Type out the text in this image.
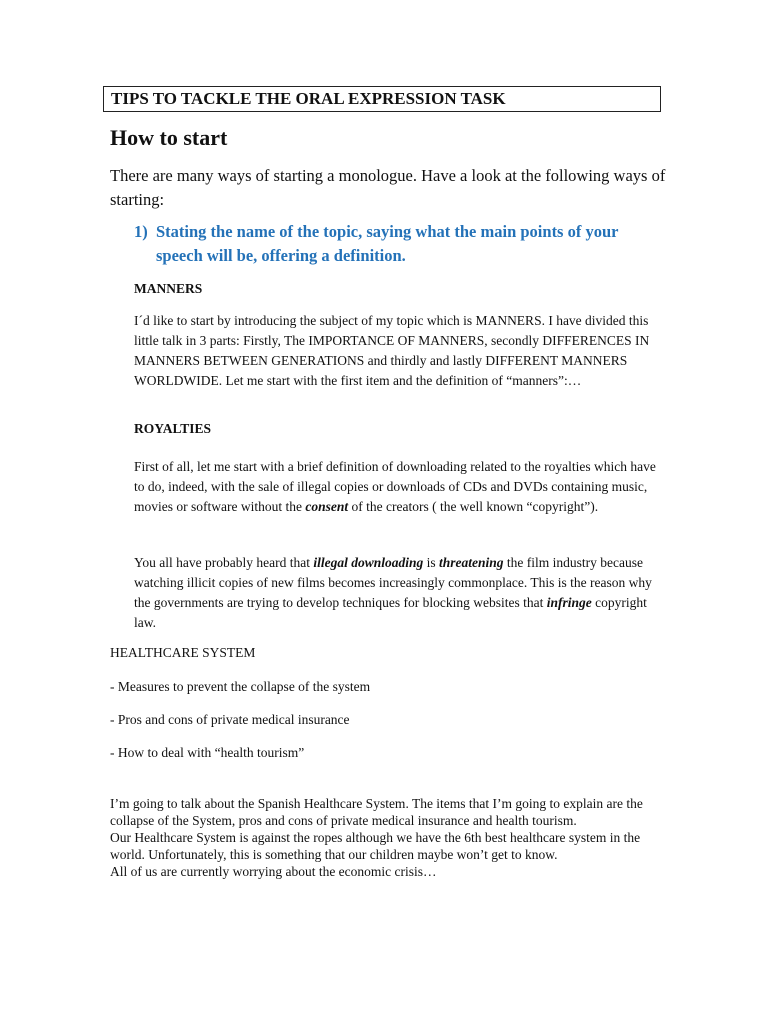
TIPS TO TACKLE THE ORAL EXPRESSION TASK
How to start
There are many ways of starting a monologue. Have a look at the following ways of starting:
1) Stating the name of the topic, saying what the main points of your speech will be, offering a definition.
MANNERS
I´d like to start by introducing the subject of my topic which is MANNERS. I have divided this little talk in 3 parts: Firstly, The IMPORTANCE OF MANNERS, secondly DIFFERENCES IN MANNERS BETWEEN GENERATIONS and thirdly and lastly DIFFERENT MANNERS WORLDWIDE. Let me start with the first item and the definition of “manners”:…
ROYALTIES
First of all, let me start with a brief definition of downloading related to the royalties which have to do, indeed, with the sale of illegal copies or downloads of CDs and DVDs containing music, movies or software without the consent of the creators ( the well known “copyright”).
You all have probably heard that illegal downloading is threatening the film industry because watching illicit copies of new films becomes increasingly commonplace. This is the reason why the governments are trying to develop techniques for blocking websites that infringe copyright law.
HEALTHCARE SYSTEM
- Measures to prevent the collapse of the system
- Pros and cons of private medical insurance
- How to deal with “health tourism”

I’m going to talk about the Spanish Healthcare System. The items that I’m going to explain are the collapse of the System, pros and cons of private medical insurance and health tourism.

Our Healthcare System is against the ropes although we have the 6th best healthcare system in the world. Unfortunately, this is something that our children maybe won’t get to know.

All of us are currently worrying about the economic crisis…
